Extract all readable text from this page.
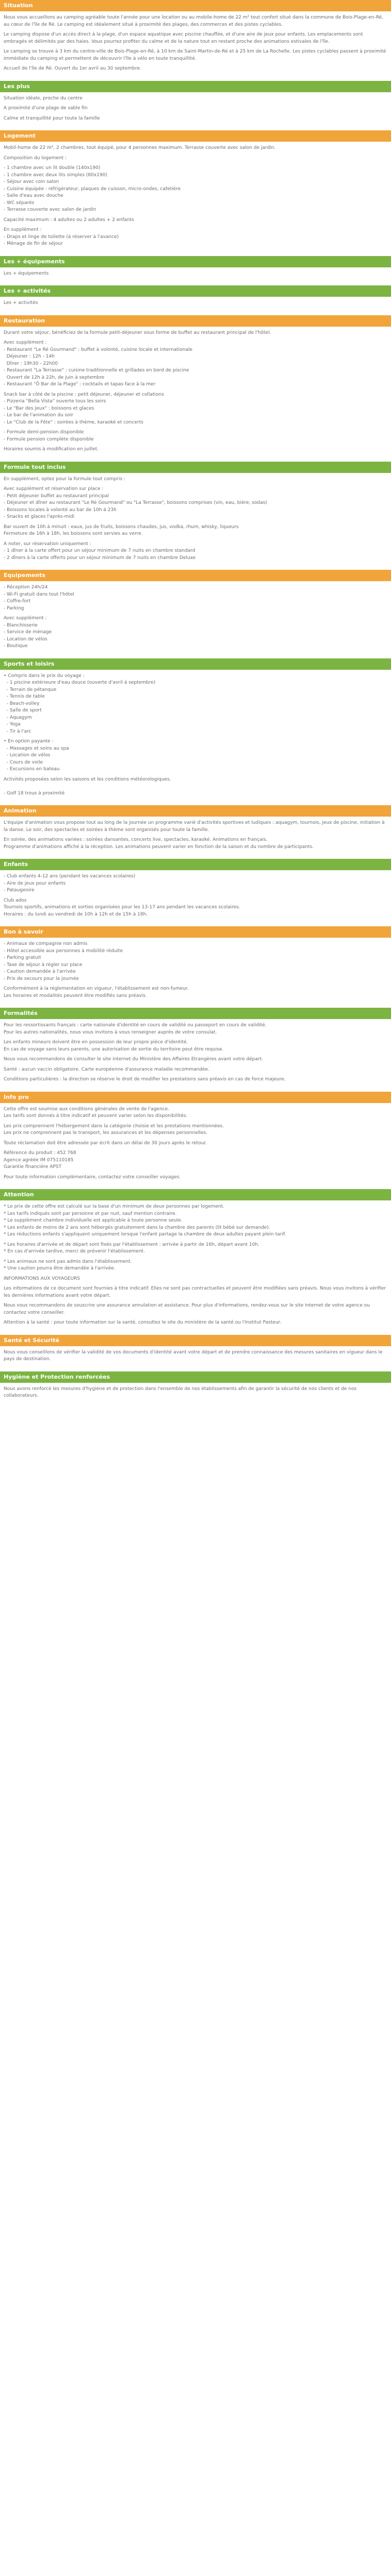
Situation

Nous vous accueillons au camping agréable toute l'année pour une location ou au mobile-home de 22 m² tout confort situé dans la commune de Bois-Plage-en-Ré, au cœur de l'île de Ré. Le camping est idéalement situé à proximité des plages, des commerces et des pistes cyclables.

Le camping dispose d'un accès direct à la plage, d'un espace aquatique avec piscine chauffée, et d'une aire de jeux pour enfants. Les emplacements sont ombragés et délimités par des haies. Vous pourrez profiter du calme et de la nature tout en restant proche des animations estivales de l'île.

Le camping se trouve à 3 km du centre-ville de Bois-Plage-en-Ré, à 10 km de Saint-Martin-de-Ré et à 25 km de La Rochelle. Les pistes cyclables passent à proximité immédiate du camping et permettent de découvrir l'île à vélo en toute tranquillité.

Accueil de l'île de Ré. Ouvert du 1er avril au 30 septembre.

Les plus

Situation idéale, proche du centre

A proximité d'une plage de sable fin

Calme et tranquillité pour toute la famille

Logement

Mobil-home de 22 m², 2 chambres, tout équipé, pour 4 personnes maximum. Terrasse couverte avec salon de jardin.

Composition du logement :

- 1 chambre avec un lit double (140x190)
- 1 chambre avec deux lits simples (80x190)
- Séjour avec coin salon
- Cuisine équipée : réfrigérateur, plaques de cuisson, micro-ondes, cafetière
- Salle d'eau avec douche
- WC séparés
- Terrasse couverte avec salon de jardin

Capacité maximum : 4 adultes ou 2 adultes + 2 enfants

En supplément :
- Draps et linge de toilette (à réserver à l'avance)
- Ménage de fin de séjour

Les + équipements

Les + équipements

Les + activités

Les + activités

Restauration

Durant votre séjour, bénéficiez de la formule petit-déjeuner sous forme de buffet au restaurant principal de l'hôtel.

Avec supplément :
- Restaurant "Le Ré Gourmand" : buffet à volonté, cuisine locale et internationale
Déjeuner : 12h - 14h
Dîner : 19h30 - 22h00
- Restaurant "La Terrasse" : cuisine traditionnelle et grillades en bord de piscine
Ouvert de 12h à 22h, de juin à septembre
- Restaurant "Ô Bar de la Plage" : cocktails et tapas face à la mer

Snack bar à côté de la piscine : petit déjeuner, déjeuner et collations
- Pizzeria "Bella Vista" ouverte tous les soirs
- Le "Bar des Jeux" : boissons et glaces
- Le bar de l'animation du soir
- Le "Club de la Fête" : soirées à thème, karaoké et concerts

- Formule demi-pension disponible
- Formule pension complète disponible

Horaires soumis à modification en juillet.

Formule tout inclus

En supplément, optez pour la formule tout compris :

Avec supplément et réservation sur place :
- Petit déjeuner buffet au restaurant principal
- Déjeuner et dîner au restaurant "Le Ré Gourmand" ou "La Terrasse", boissons comprises (vin, eau, bière, sodas)
- Boissons locales à volonté au bar de 10h à 23h
- Snacks et glaces l'après-midi

Bar ouvert de 10h à minuit : eaux, jus de fruits, boissons chaudes, jus, vodka, rhum, whisky, liqueurs
Fermeture de 16h à 18h, les boissons sont servies au verre.

A noter, sur réservation uniquement :
- 1 dîner à la carte offert pour un séjour minimum de 7 nuits en chambre standard
- 2 dîners à la carte offerts pour un séjour minimum de 7 nuits en chambre Deluxe

Equipements

- Réception 24h/24
- Wi-Fi gratuit dans tout l'hôtel
- Coffre-fort
- Parking

Avec supplément :
- Blanchisserie
- Service de ménage
- Location de vélos
- Boutique

Sports et loisirs

• Compris dans le prix du voyage :
- 1 piscine extérieure d'eau douce (ouverte d'avril à septembre)
- Terrain de pétanque
- Tennis de table
- Beach-volley
- Salle de sport
- Aquagym
- Yoga
- Tir à l'arc

• En option payante :
- Massages et soins au spa
- Location de vélos
- Cours de voile
- Excursions en bateau

Activités proposées selon les saisons et les conditions météorologiques.

- Golf 18 trous à proximité

Animation

L'équipe d'animation vous propose tout au long de la journée un programme varié d'activités sportives et ludiques : aquagym, tournois, jeux de piscine, initiation à la danse. Le soir, des spectacles et soirées à thème sont organisés pour toute la famille.

En soirée, des animations variées : soirées dansantes, concerts live, spectacles, karaoké. Animations en français.
Programme d'animations affiché à la réception. Les animations peuvent varier en fonction de la saison et du nombre de participants.

Enfants

- Club enfants 4-12 ans (pendant les vacances scolaires)
- Aire de jeux pour enfants
- Pataugeoire

Club ados
Tournois sportifs, animations et sorties organisées pour les 13-17 ans pendant les vacances scolaires.
Horaires : du lundi au vendredi de 10h à 12h et de 15h à 18h.

Bon à savoir

- Animaux de compagnie non admis
- Hôtel accessible aux personnes à mobilité réduite
- Parking gratuit
- Taxe de séjour à régler sur place
- Caution demandée à l'arrivée
- Prix de secours pour la journée

Conformément à la réglementation en vigueur, l'établissement est non-fumeur.
Les horaires et modalités peuvent être modifiés sans préavis.

Formalités

Pour les ressortissants français : carte nationale d'identité en cours de validité ou passeport en cours de validité.
Pour les autres nationalités, nous vous invitons à vous renseigner auprès de votre consulat.

Les enfants mineurs doivent être en possession de leur propre pièce d'identité.
En cas de voyage sans leurs parents, une autorisation de sortie du territoire peut être requise.

Nous vous recommandons de consulter le site internet du Ministère des Affaires Etrangères avant votre départ.

Santé : aucun vaccin obligatoire. Carte européenne d'assurance maladie recommandée.

Conditions particulières : la direction se réserve le droit de modifier les prestations sans préavis en cas de force majeure.

Info pro

Cette offre est soumise aux conditions générales de vente de l'agence.
Les tarifs sont donnés à titre indicatif et peuvent varier selon les disponibilités.

Les prix comprennent l'hébergement dans la catégorie choisie et les prestations mentionnées.
Les prix ne comprennent pas le transport, les assurances et les dépenses personnelles.

Toute réclamation doit être adressée par écrit dans un délai de 30 jours après le retour.

Référence du produit : 452 768
Agence agréée IM 075110185
Garantie financière APST

Pour toute information complémentaire, contactez votre conseiller voyages.

Attention

* Le prix de cette offre est calculé sur la base d'un minimum de deux personnes par logement.
* Les tarifs indiqués sont par personne et par nuit, sauf mention contraire.
* Le supplément chambre individuelle est applicable à toute personne seule.
* Les enfants de moins de 2 ans sont hébergés gratuitement dans la chambre des parents (lit bébé sur demande).
* Les réductions enfants s'appliquent uniquement lorsque l'enfant partage la chambre de deux adultes payant plein tarif.

* Les horaires d'arrivée et de départ sont fixés par l'établissement : arrivée à partir de 16h, départ avant 10h.
* En cas d'arrivée tardive, merci de prévenir l'établissement.

* Les animaux ne sont pas admis dans l'établissement.
* Une caution pourra être demandée à l'arrivée.

INFORMATIONS AUX VOYAGEURS

Les informations de ce document sont fournies à titre indicatif. Elles ne sont pas contractuelles et peuvent être modifiées sans préavis. Nous vous invitons à vérifier les dernières informations avant votre départ.

Nous vous recommandons de souscrire une assurance annulation et assistance. Pour plus d'informations, rendez-vous sur le site internet de votre agence ou contactez votre conseiller.

Attention à la santé : pour toute information sur la santé, consultez le site du ministère de la santé ou l'Institut Pasteur.

Santé et Sécurité

Nous vous conseillons de vérifier la validité de vos documents d'identité avant votre départ et de prendre connaissance des mesures sanitaires en vigueur dans le pays de destination.

Hygiène et Protection renforcées

Nous avons renforcé les mesures d'hygiène et de protection dans l'ensemble de nos établissements afin de garantir la sécurité de nos clients et de nos collaborateurs.
